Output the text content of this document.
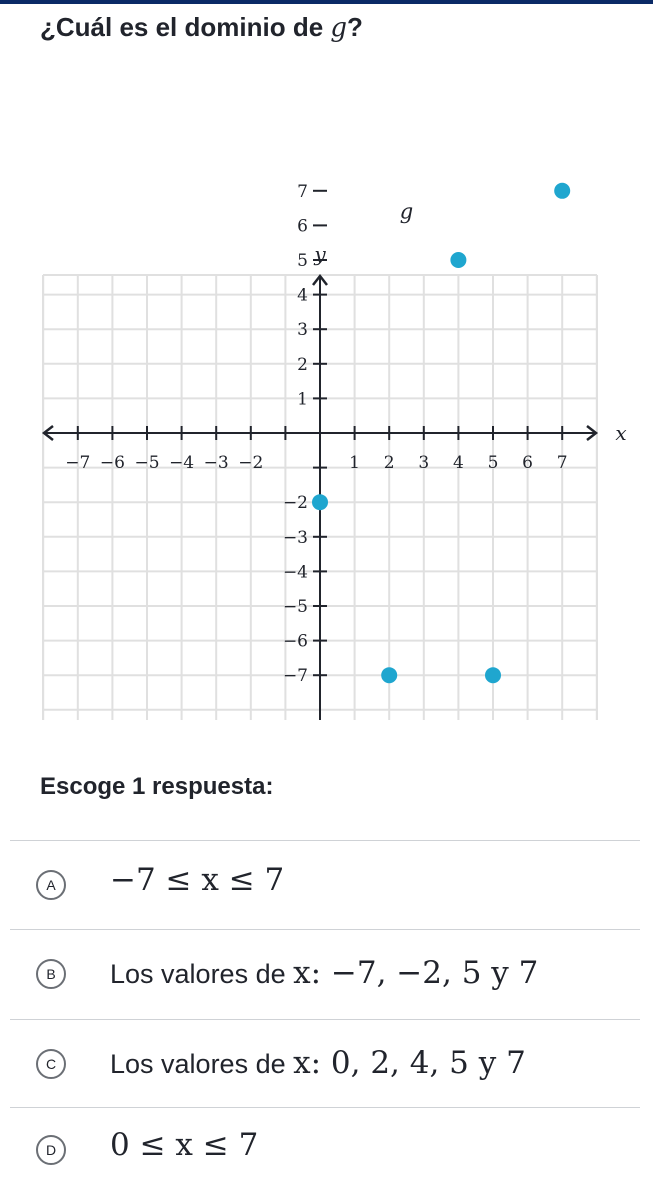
¿Cuál es el dominio de g?
−7 −6 −5 −4 −3 −2	1 2 3 4 5 6 7
7
6
5
4
3
2
1
−2
−3
−4
−5
−6
−7
x
y
g
Escoge 1 respuesta:
A	−7 ≤ x ≤ 7
B	Los valores de x: −7, −2, 5 y 7
C	Los valores de x: 0, 2, 4, 5 y 7
D	0 ≤ x ≤ 7
